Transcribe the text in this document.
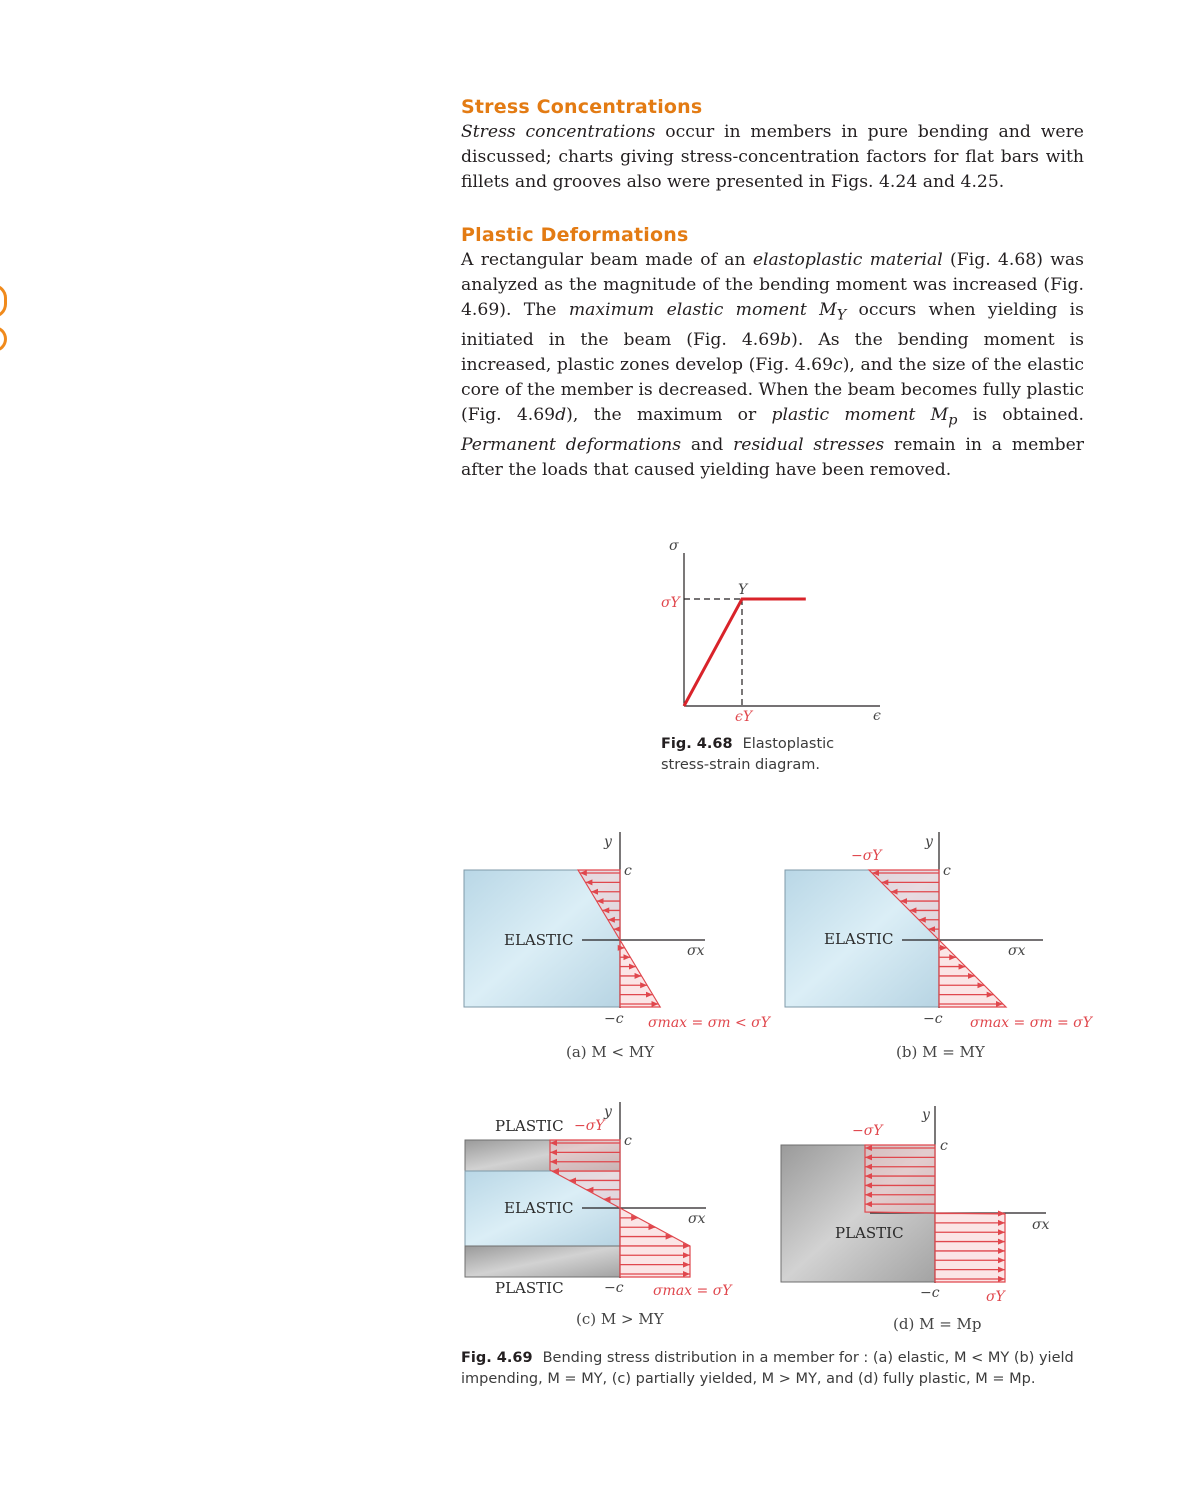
Stress Concentrations

Stress concentrations occur in members in pure bending and were discussed; charts giving stress-concentration factors for flat bars with fillets and grooves also were presented in Figs. 4.24 and 4.25.

Plastic Deformations

A rectangular beam made of an elastoplastic material (Fig. 4.68) was analyzed as the magnitude of the bending moment was increased (Fig. 4.69). The maximum elastic moment $M_Y$ occurs when yielding is initiated in the beam (Fig. 4.69b). As the bending moment is increased, plastic zones develop (Fig. 4.69c), and the size of the elastic core of the member is decreased. When the beam becomes fully plastic (Fig. 4.69d), the maximum or plastic moment $M_p$ is obtained. Permanent deformations and residual stresses remain in a member after the loads that caused yielding have been removed.

σ
σY
Y
ϵY	ϵ
Fig. 4.68 Elastoplastic stress-strain diagram.
y
c
−c
ELASTIC
σx
σmax = σm < σY
(a) M < MY
y
c
−c
ELASTIC
σx
−σY
σmax = σm = σY
(b) M = MY
y
c
−c
PLASTIC −σY
ELASTIC
PLASTIC
σx
σmax = σY
(c) M > MY
y
c
−c
PLASTIC	σx
−σY
σY
(d) M = Mp
Fig. 4.69 Bending stress distribution in a member for : (a) elastic, M < MY (b) yield impending, M = MY, (c) partially yielded, M > MY, and (d) fully plastic, M = Mp.
